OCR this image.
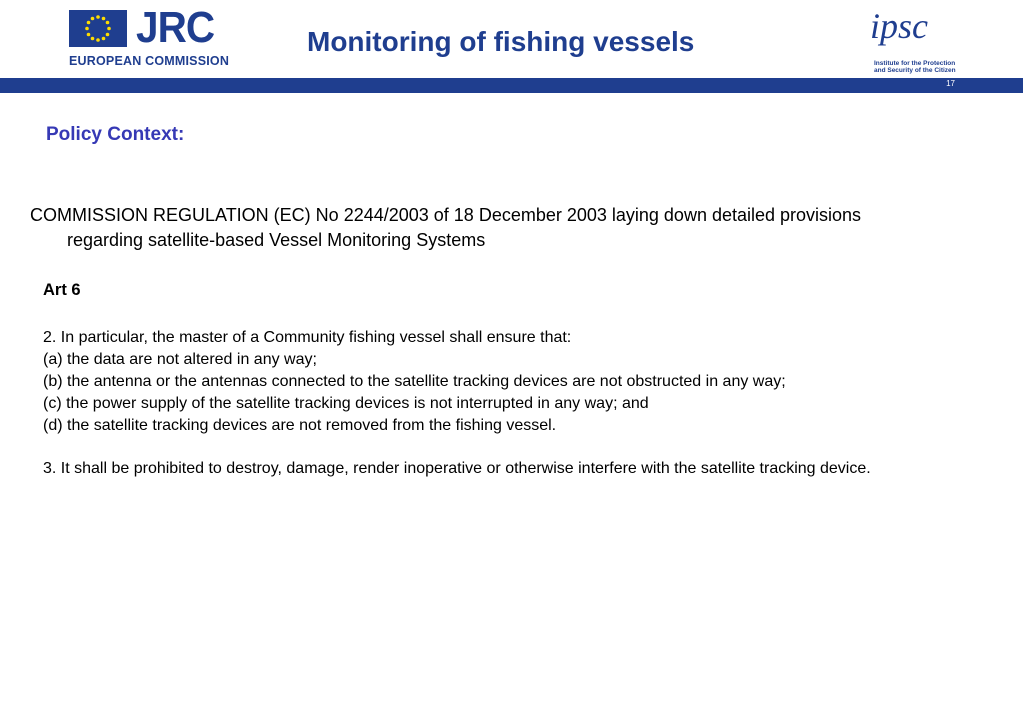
JRC
EUROPEAN COMMISSION
Monitoring of fishing vessels	ipsc
Institute for the Protection
and Security of the Citizen
17
Policy Context:
COMMISSION REGULATION (EC) No 2244/2003 of 18 December 2003 laying down detailed provisions regarding satellite-based Vessel Monitoring Systems
Art 6
2. In particular, the master of a Community fishing vessel shall ensure that:
(a) the data are not altered in any way;
(b) the antenna or the antennas connected to the satellite tracking devices are not obstructed in any way;
(c) the power supply of the satellite tracking devices is not interrupted in any way; and
(d) the satellite tracking devices are not removed from the fishing vessel.
3. It shall be prohibited to destroy, damage, render inoperative or otherwise interfere with the satellite tracking device.
